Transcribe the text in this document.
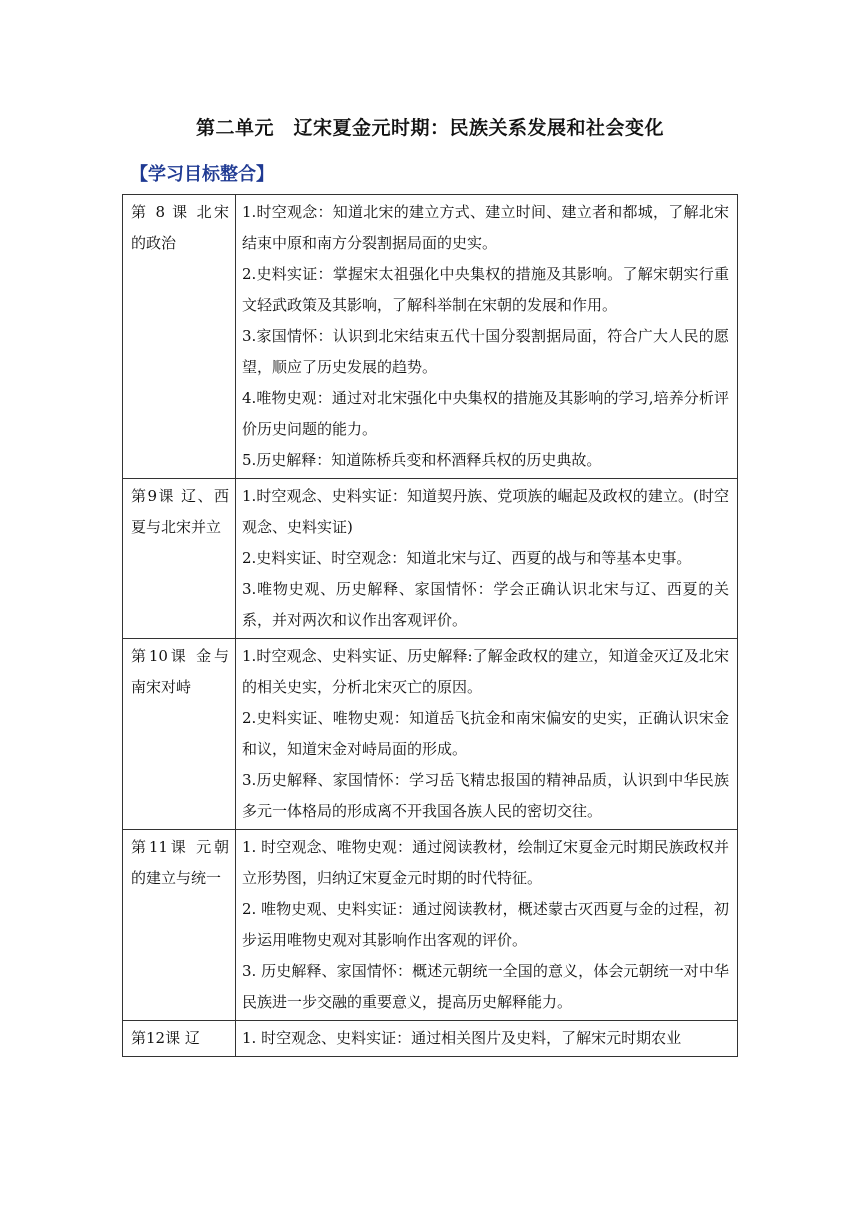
第二单元　辽宋夏金元时期：民族关系发展和社会变化
【学习目标整合】
第 8 课 北宋的政治	1.时空观念：知道北宋的建立方式、建立时间、建立者和都城，了解北宋结束中原和南方分裂割据局面的史实。

2.史料实证：掌握宋太祖强化中央集权的措施及其影响。了解宋朝实行重文轻武政策及其影响，了解科举制在宋朝的发展和作用。

3.家国情怀：认识到北宋结束五代十国分裂割据局面，符合广大人民的愿望，顺应了历史发展的趋势。

4.唯物史观：通过对北宋强化中央集权的措施及其影响的学习,培养分析评价历史问题的能力。

5.历史解释：知道陈桥兵变和杯酒释兵权的历史典故。

第9课 辽、西夏与北宋并立	1.时空观念、史料实证：知道契丹族、党项族的崛起及政权的建立。(时空观念、史料实证)

2.史料实证、时空观念：知道北宋与辽、西夏的战与和等基本史事。

3.唯物史观、历史解释、家国情怀：学会正确认识北宋与辽、西夏的关系，并对两次和议作出客观评价。

第10课 金与南宋对峙	1.时空观念、史料实证、历史解释:了解金政权的建立，知道金灭辽及北宋的相关史实，分析北宋灭亡的原因。

2.史料实证、唯物史观：知道岳飞抗金和南宋偏安的史实，正确认识宋金和议，知道宋金对峙局面的形成。

3.历史解释、家国情怀：学习岳飞精忠报国的精神品质，认识到中华民族多元一体格局的形成离不开我国各族人民的密切交往。

第11课 元朝的建立与统一	1. 时空观念、唯物史观：通过阅读教材，绘制辽宋夏金元时期民族政权并立形势图，归纳辽宋夏金元时期的时代特征。

2. 唯物史观、史料实证：通过阅读教材，概述蒙古灭西夏与金的过程，初步运用唯物史观对其影响作出客观的评价。

3. 历史解释、家国情怀：概述元朝统一全国的意义，体会元朝统一对中华民族进一步交融的重要意义，提高历史解释能力。

第12课 辽	1. 时空观念、史料实证：通过相关图片及史料，了解宋元时期农业
